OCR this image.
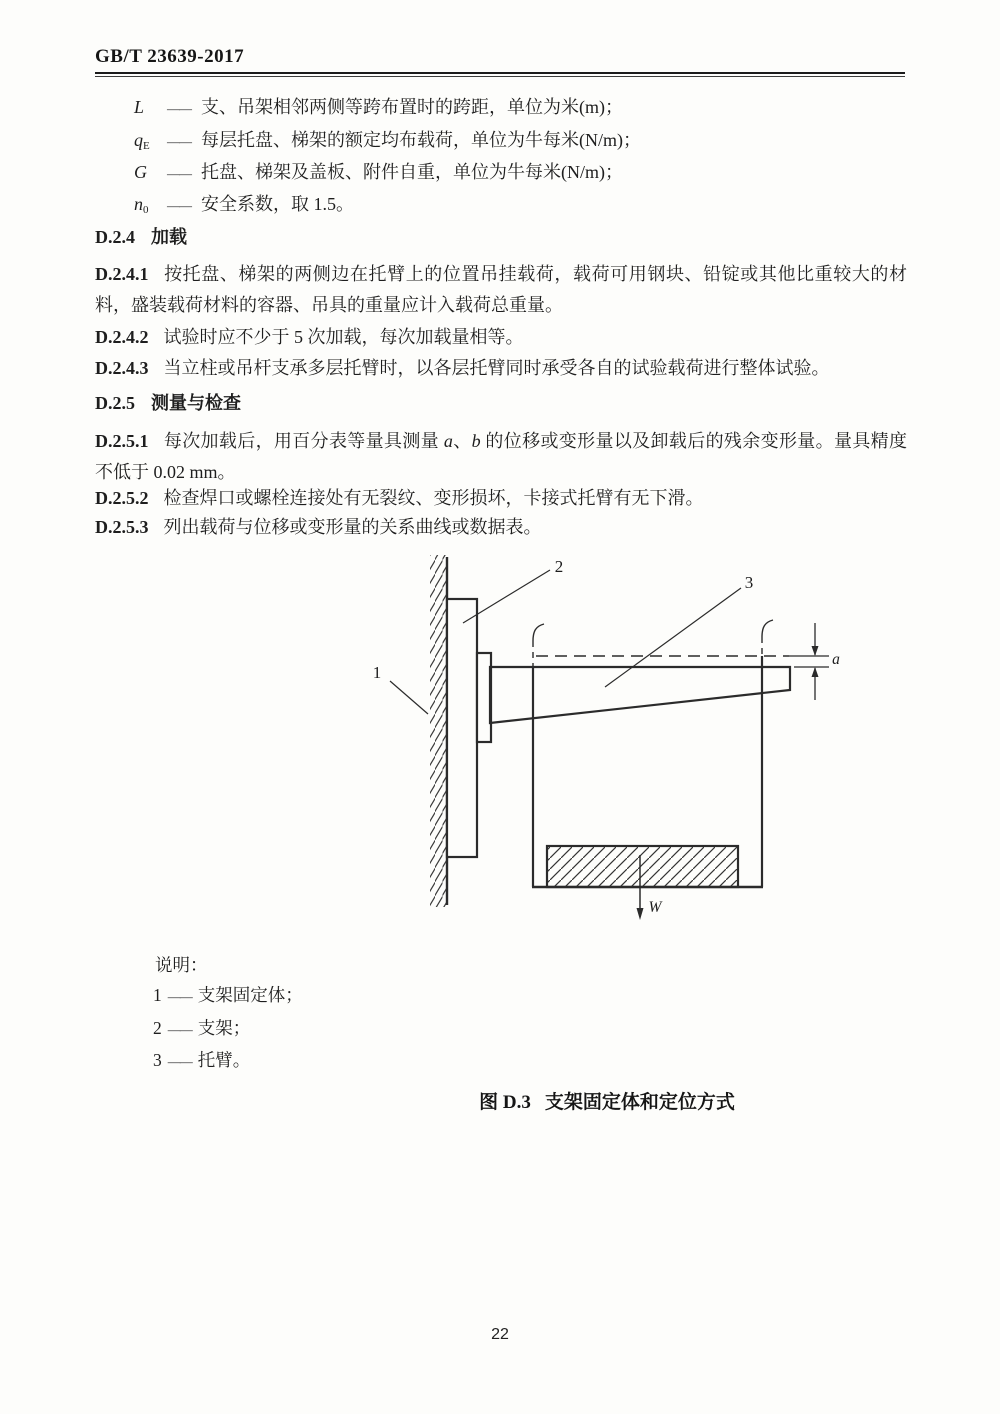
GB/T 23639-2017
L	—— 支、吊架相邻两侧等跨布置时的跨距，单位为米(m)；
qE	—— 每层托盘、梯架的额定均布载荷，单位为牛每米(N/m)；
G	—— 托盘、梯架及盖板、附件自重，单位为牛每米(N/m)；
n0	—— 安全系数，取 1.5。
D.2.4 加载
D.2.4.1 按托盘、梯架的两侧边在托臂上的位置吊挂载荷，载荷可用钢块、铅锭或其他比重较大的材料，盛装载荷材料的容器、吊具的重量应计入载荷总重量。
D.2.4.2 试验时应不少于 5 次加载，每次加载量相等。
D.2.4.3 当立柱或吊杆支承多层托臂时，以各层托臂同时承受各自的试验载荷进行整体试验。
D.2.5 测量与检查
D.2.5.1 每次加载后，用百分表等量具测量 a、b 的位移或变形量以及卸载后的残余变形量。量具精度不低于 0.02 mm。
D.2.5.2 检查焊口或螺栓连接处有无裂纹、变形损坏，卡接式托臂有无下滑。
D.2.5.3 列出载荷与位移或变形量的关系曲线或数据表。
1
2
3
a
W
说明：
1 —— 支架固定体；
2 —— 支架；
3 —— 托臂。
图 D.3 支架固定体和定位方式
22
